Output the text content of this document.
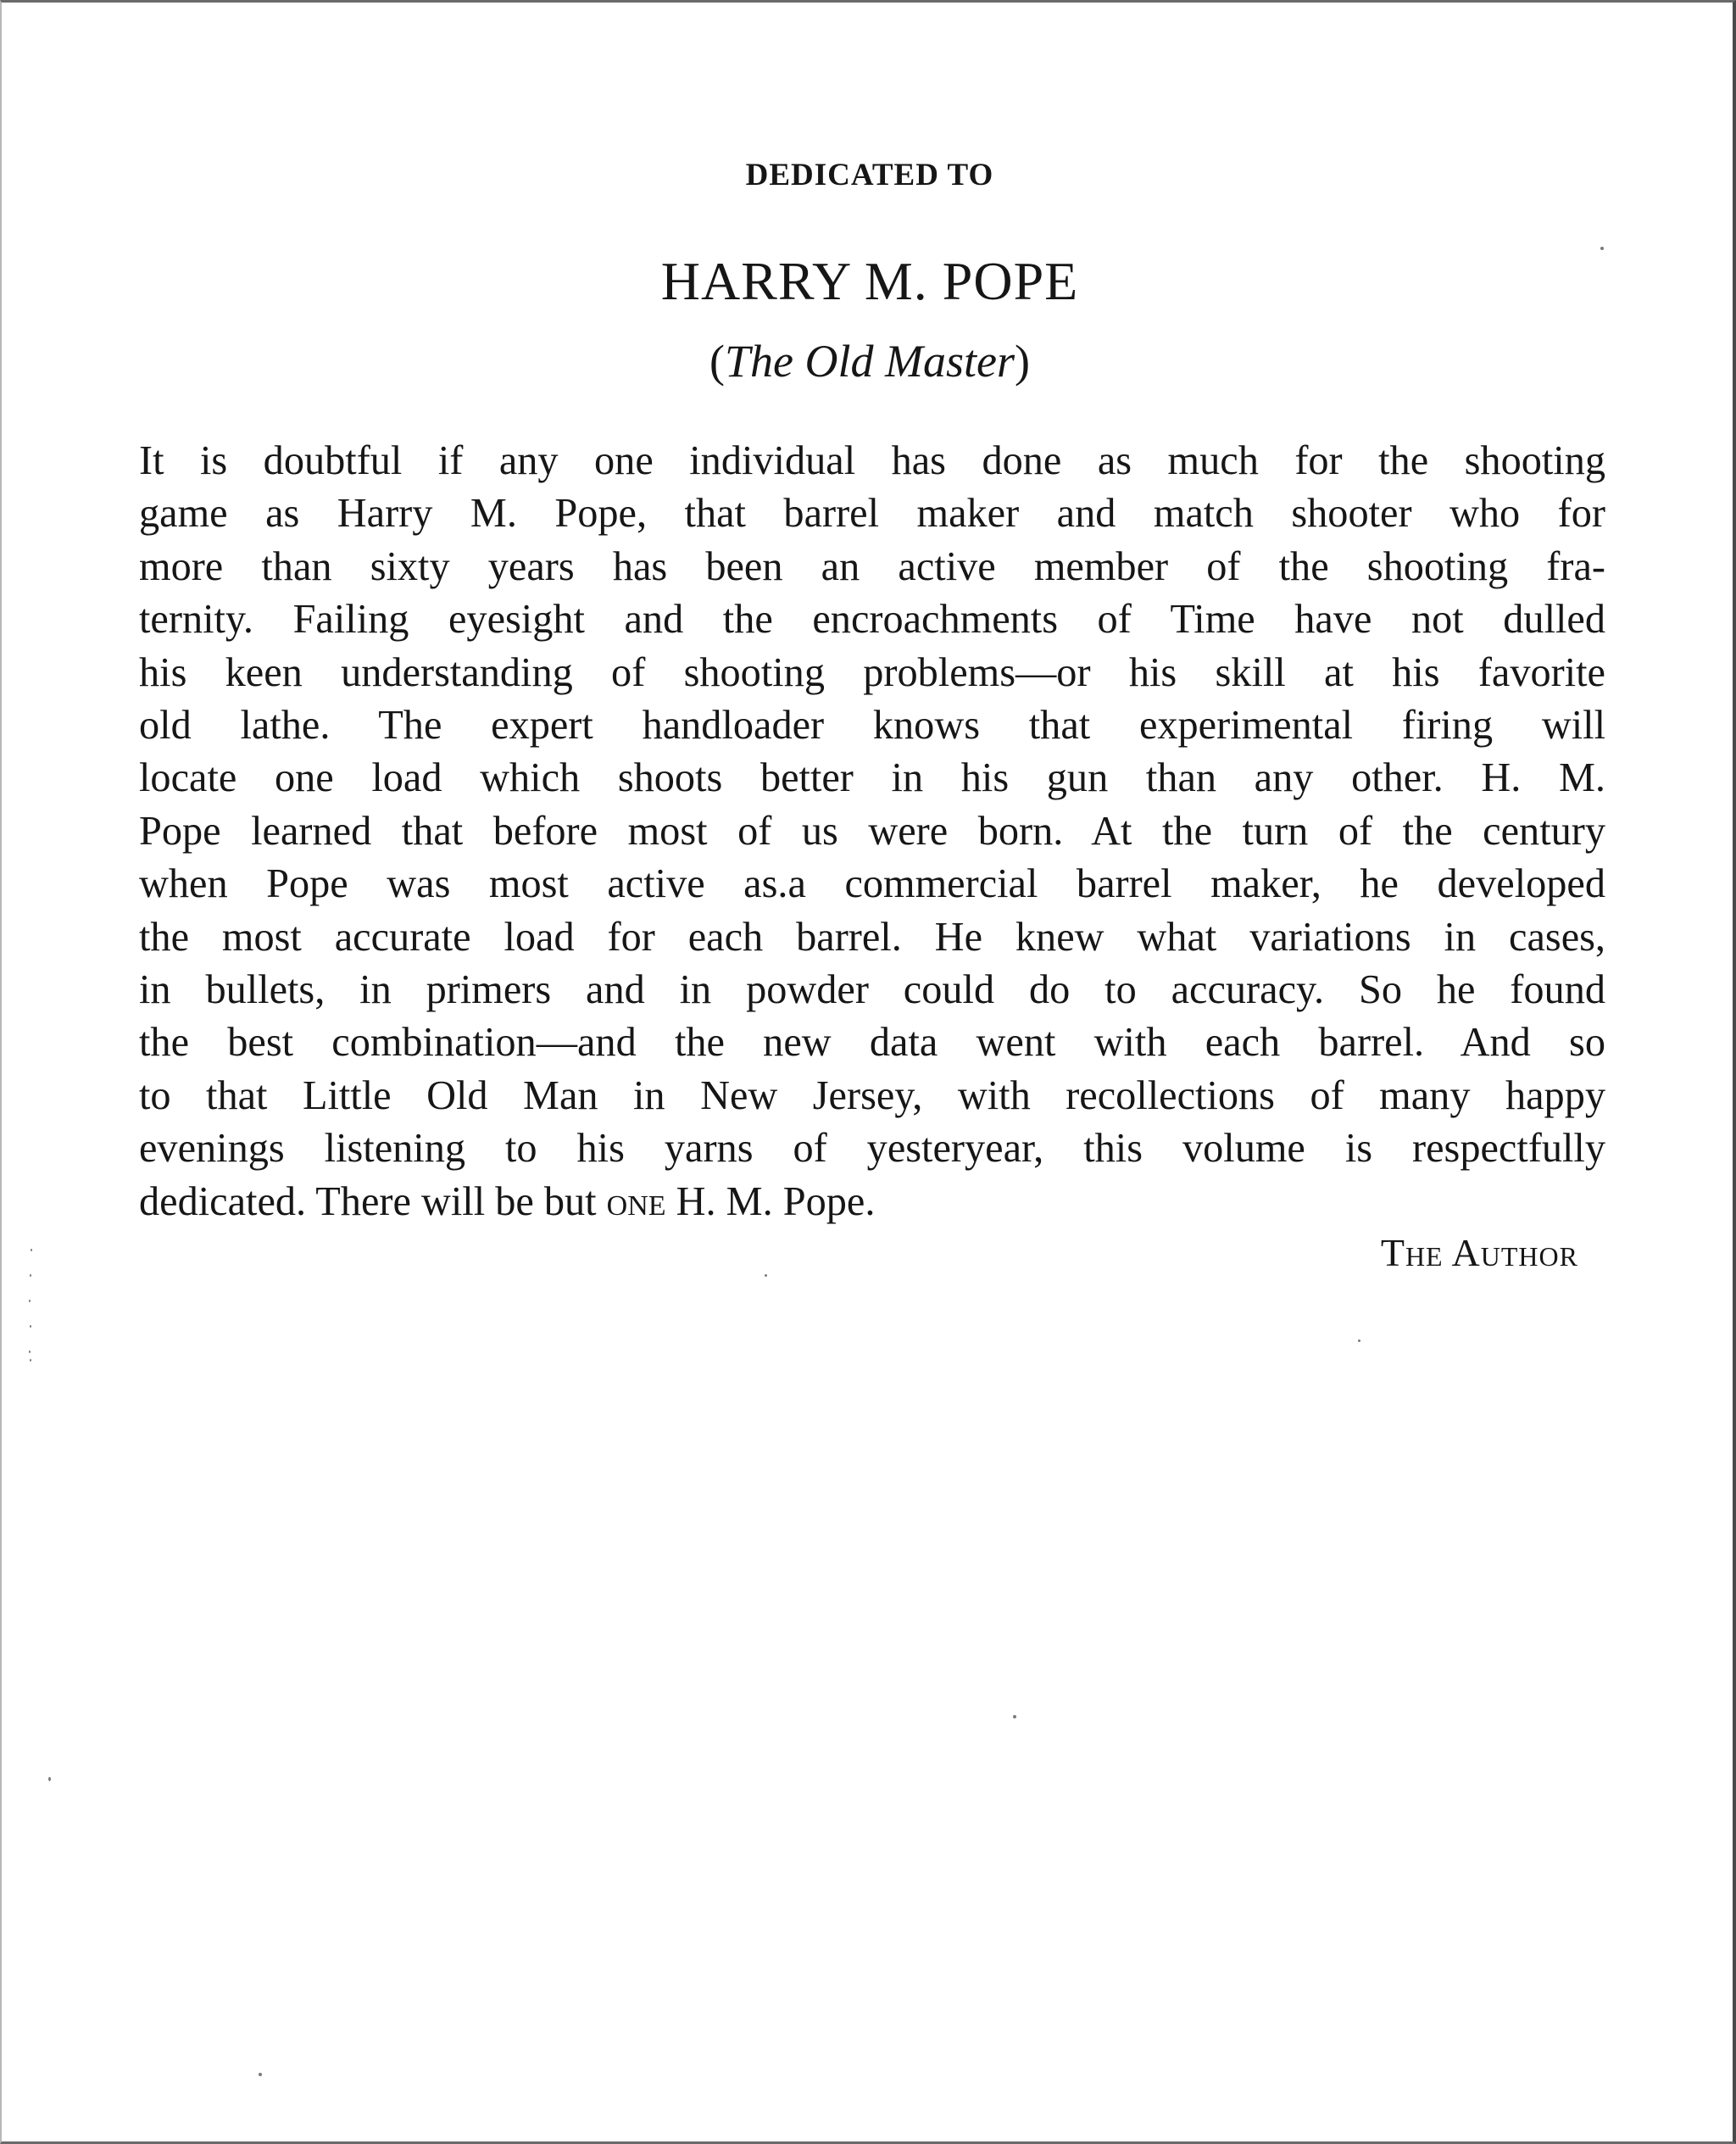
DEDICATED TO
HARRY M. POPE
(The Old Master)
It is doubtful if any one individual has done as much for the shooting
game as Harry M. Pope, that barrel maker and match shooter who for
more than sixty years has been an active member of the shooting fra-
ternity. Failing eyesight and the encroachments of Time have not dulled
his keen understanding of shooting problems—or his skill at his favorite
old lathe. The expert handloader knows that experimental firing will
locate one load which shoots better in his gun than any other. H. M.
Pope learned that before most of us were born. At the turn of the century
when Pope was most active as.a commercial barrel maker, he developed
the most accurate load for each barrel. He knew what variations in cases,
in bullets, in primers and in powder could do to accuracy. So he found
the best combination—and the new data went with each barrel. And so
to that Little Old Man in New Jersey, with recollections of many happy
evenings listening to his yarns of yesteryear, this volume is respectfully
dedicated. There will be but one H. M. Pope.
The Author
